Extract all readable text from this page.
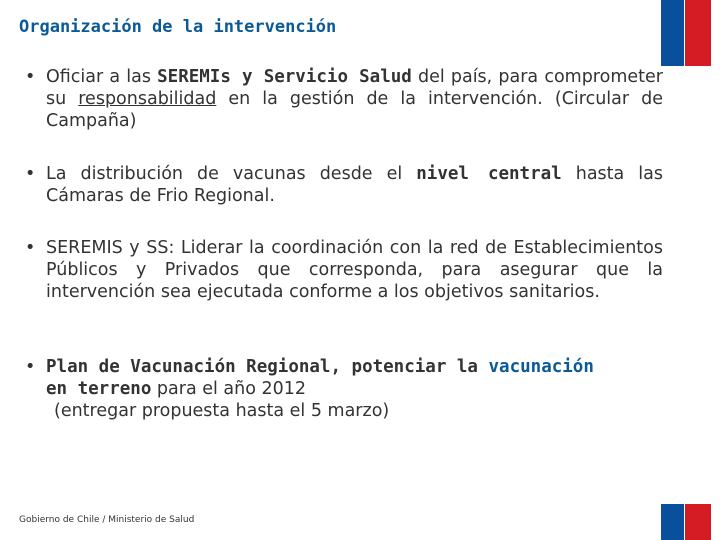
Organización de la intervención
• Oficiar a las SEREMIs y Servicio Salud del país, para comprometer su responsabilidad en la gestión de la intervención. (Circular de Campaña)
• La distribución de vacunas desde el nivel central hasta las Cámaras de Frio Regional.
• SEREMIS y SS: Liderar la coordinación con la red de Establecimientos Públicos y Privados que corresponda, para asegurar que la intervención sea ejecutada conforme a los objetivos sanitarios.
• Plan de Vacunación Regional, potenciar la vacunación
en terreno para el año 2012
(entregar propuesta hasta el 5 marzo)
Gobierno de Chile / Ministerio de Salud
